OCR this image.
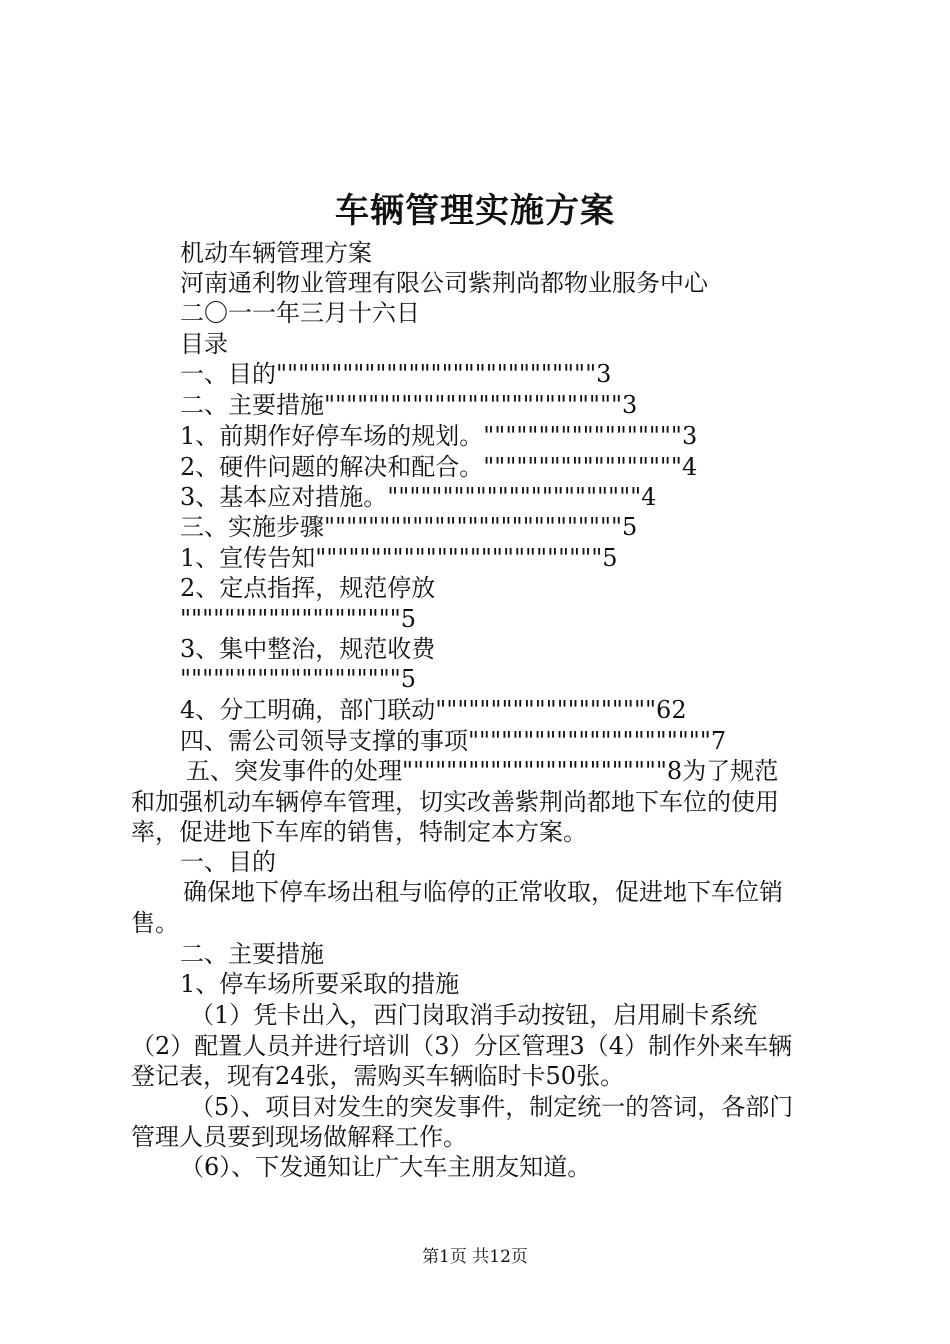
车辆管理实施方案
机动车辆管理方案
河南通利物业管理有限公司紫荆尚都物业服务中心
二〇一一年三月十六日
目录
一、目的"""""""""""""""""""""""""""""3
二、主要措施"""""""""""""""""""""""""""3
1、前期作好停车场的规划。""""""""""""""""""3
2、硬件问题的解决和配合。""""""""""""""""""4
3、基本应对措施。"""""""""""""""""""""""4
三、实施步骤"""""""""""""""""""""""""""5
1、宣传告知""""""""""""""""""""""""""5
2、定点指挥，规范停放
""""""""""""""""""""5
3、集中整治，规范收费
""""""""""""""""""""5
4、分工明确，部门联动""""""""""""""""""""62
四、需公司领导支撑的事项""""""""""""""""""""""7
五、突发事件的处理""""""""""""""""""""""""8为了规范
和加强机动车辆停车管理，切实改善紫荆尚都地下车位的使用
率，促进地下车库的销售，特制定本方案。
一、目的
确保地下停车场出租与临停的正常收取，促进地下车位销
售。
二、主要措施
1、停车场所要采取的措施
（1）凭卡出入，西门岗取消手动按钮，启用刷卡系统
（2）配置人员并进行培训（3）分区管理3（4）制作外来车辆
登记表，现有24张，需购买车辆临时卡50张。
（5）、项目对发生的突发事件，制定统一的答词，各部门
管理人员要到现场做解释工作。
（6）、下发通知让广大车主朋友知道。
第1页 共12页
